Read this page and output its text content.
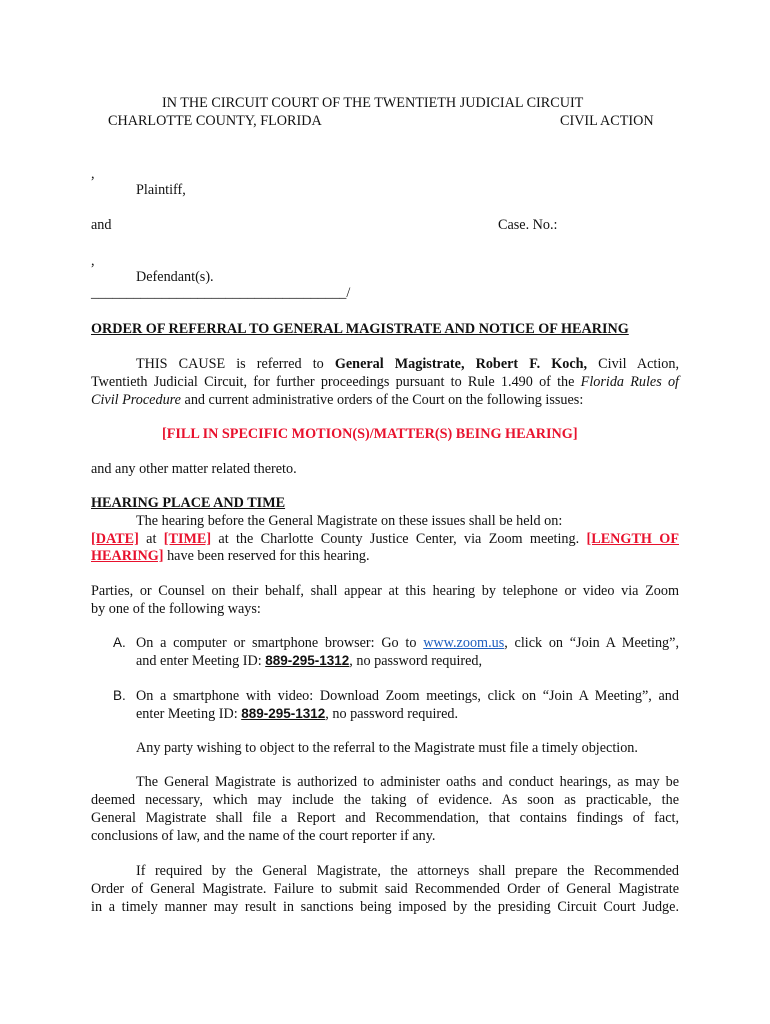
IN THE CIRCUIT COURT OF THE TWENTIETH JUDICIAL CIRCUIT
CHARLOTTE COUNTY, FLORIDA	CIVIL ACTION
,
Plaintiff,
and	Case. No.:
,
Defendant(s).
____________________________________/
ORDER OF REFERRAL TO GENERAL MAGISTRATE AND NOTICE OF HEARING
THIS CAUSE is referred to General Magistrate, Robert F. Koch, Civil Action,
Twentieth Judicial Circuit, for further proceedings pursuant to Rule 1.490 of the Florida Rules of
Civil Procedure and current administrative orders of the Court on the following issues:
[FILL IN SPECIFIC MOTION(S)/MATTER(S) BEING HEARING]
and any other matter related thereto.
HEARING PLACE AND TIME
The hearing before the General Magistrate on these issues shall be held on:
[DATE] at [TIME] at the Charlotte County Justice Center, via Zoom meeting. [LENGTH OF
HEARING] have been reserved for this hearing.
Parties, or Counsel on their behalf, shall appear at this hearing by telephone or video via Zoom
by one of the following ways:
A. On a computer or smartphone browser: Go to www.zoom.us, click on “Join A Meeting”,
and enter Meeting ID: 889-295-1312, no password required,
B. On a smartphone with video: Download Zoom meetings, click on “Join A Meeting”, and
enter Meeting ID: 889-295-1312, no password required.
Any party wishing to object to the referral to the Magistrate must file a timely objection.
The General Magistrate is authorized to administer oaths and conduct hearings, as may be
deemed necessary, which may include the taking of evidence. As soon as practicable, the
General Magistrate shall file a Report and Recommendation, that contains findings of fact,
conclusions of law, and the name of the court reporter if any.
If required by the General Magistrate, the attorneys shall prepare the Recommended
Order of General Magistrate. Failure to submit said Recommended Order of General Magistrate
in a timely manner may result in sanctions being imposed by the presiding Circuit Court Judge.
